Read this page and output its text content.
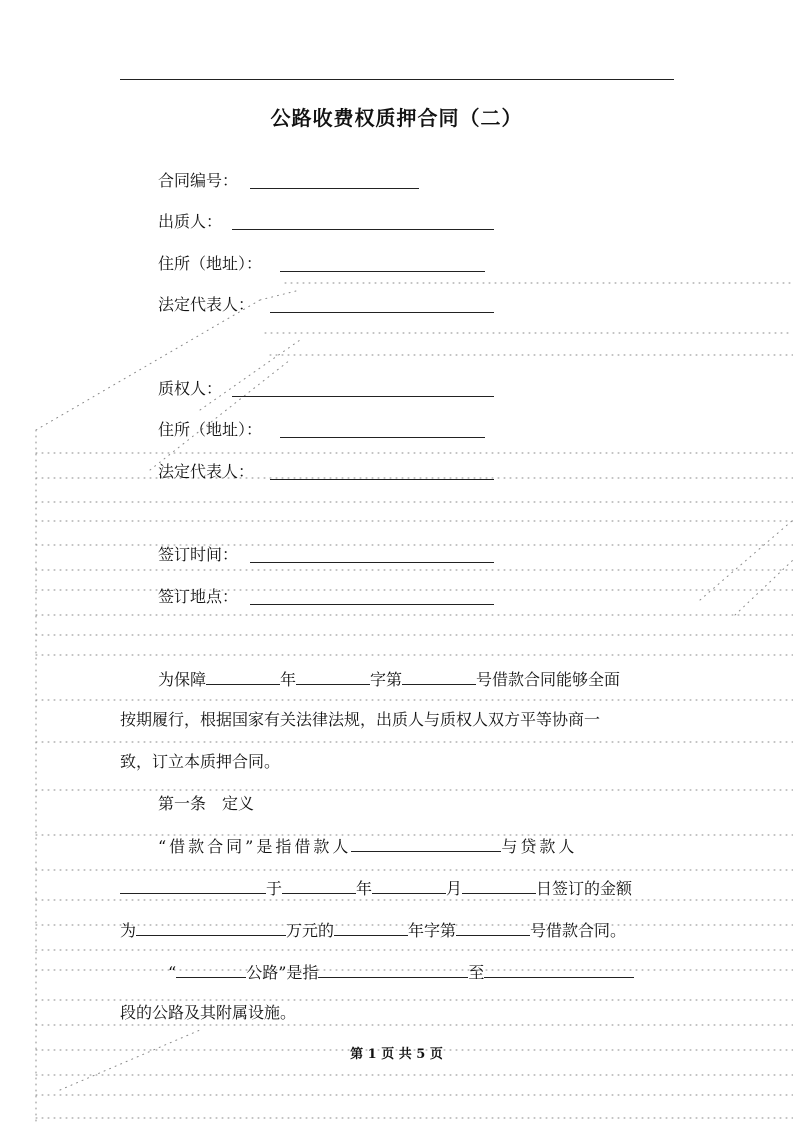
公路收费权质押合同（二）
合同编号：
出质人：
住所（地址）：
法定代表人：
质权人：
住所（地址）：
法定代表人：
签订时间：
签订地点：
为保障	年	字第	号借款合同能够全面
按期履行，根据国家有关法律法规，出质人与质权人双方平等协商一
致，订立本质押合同。
第一条　定义
“借款合同”是指借款人	与贷款人
于	年	月	日签订的金额
为	万元的	年字第	号借款合同。
“	公路”是指	至
段的公路及其附属设施。
第 1 页 共 5 页
